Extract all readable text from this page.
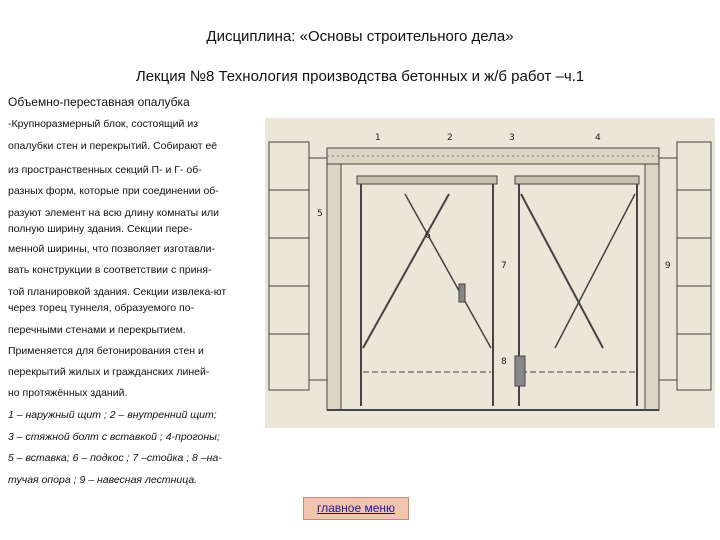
Дисциплина: «Основы строительного дела»
Лекция №8 Технология производства бетонных и ж/б работ –ч.1
Объемно-переставная опалубка
-Крупноразмерный блок, состоящий из
опалубки стен и перекрытий. Собирают её
из пространственных секций П- и Г- об-
разных форм, которые при соединении об-
разуют элемент на всю длину комнаты или
полную ширину здания. Секции пере-
менной ширины, что позволяет изготавли-
вать конструкции в соответствии с приня-
той планировкой здания. Секции извлека-ют
через торец туннеля, образуемого по-
перечными стенами и перекрытием.
Применяется для бетонирования стен и
перекрытий жилых и гражданских линей-
но протяжённых зданий.
1 – наружный щит ; 2 – внутренний щит;
3 – стяжной болт с вставкой ; 4-прогоны;
5 – вставка; 6 – подкос ; 7 –стойка ; 8 –на-
тучая опора ; 9 – навесная лестница.
1	2	3	4
5
6
7
8
9
главное меню
